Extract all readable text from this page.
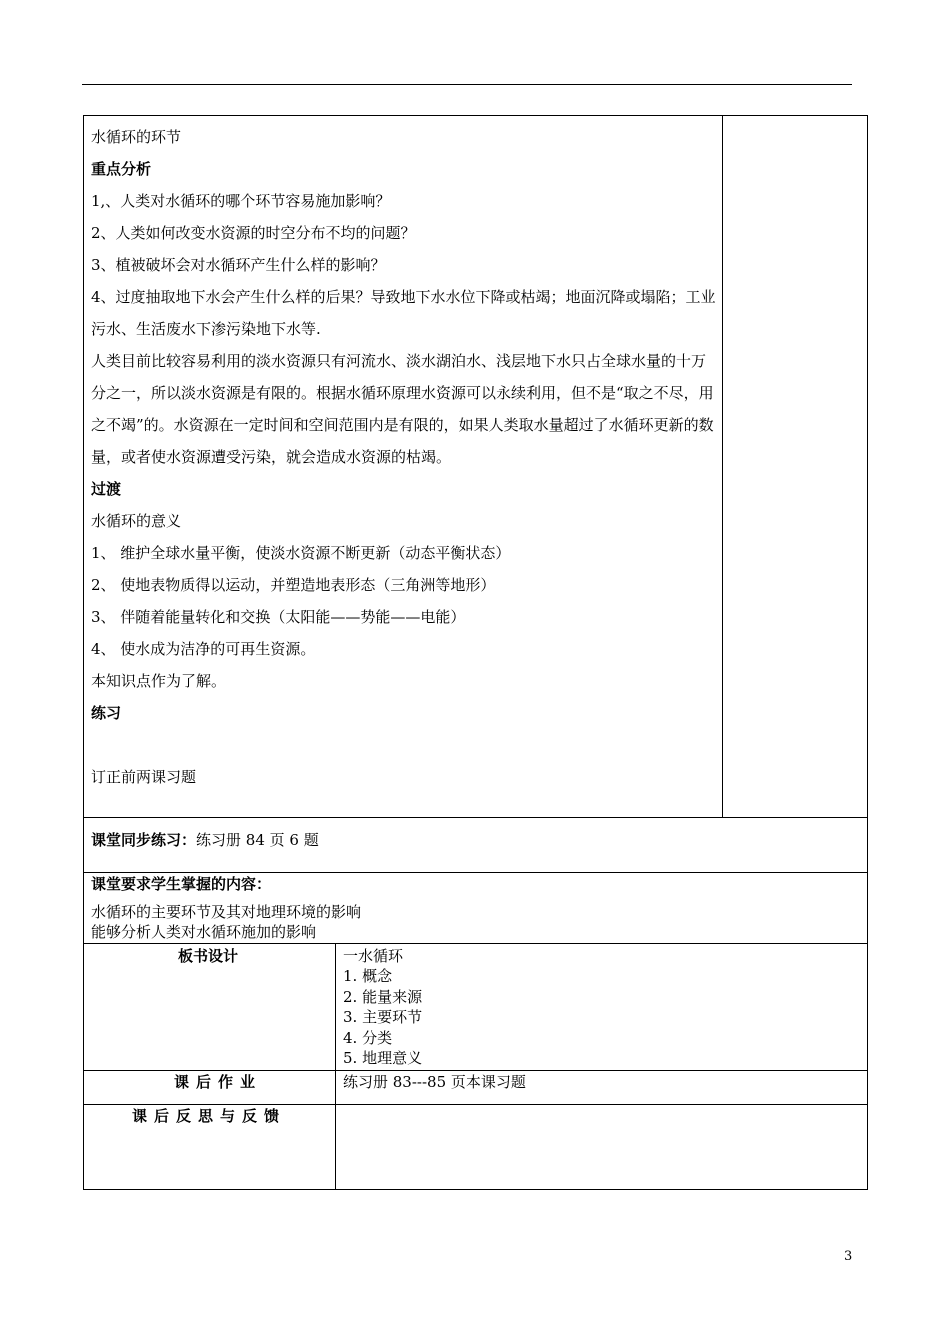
水循环的环节
重点分析
1,、人类对水循环的哪个环节容易施加影响？
2、人类如何改变水资源的时空分布不均的问题？
3、植被破坏会对水循环产生什么样的影响？
4、过度抽取地下水会产生什么样的后果？导致地下水水位下降或枯竭；地面沉降或塌陷；工业污水、生活废水下渗污染地下水等.
人类目前比较容易利用的淡水资源只有河流水、淡水湖泊水、浅层地下水只占全球水量的十万分之一，所以淡水资源是有限的。根据水循环原理水资源可以永续利用，但不是“取之不尽，用之不竭”的。水资源在一定时间和空间范围内是有限的，如果人类取水量超过了水循环更新的数量，或者使水资源遭受污染，就会造成水资源的枯竭。
过渡
水循环的意义
1、 维护全球水量平衡，使淡水资源不断更新（动态平衡状态）
2、 使地表物质得以运动，并塑造地表形态（三角洲等地形）
3、 伴随着能量转化和交换（太阳能——势能——电能）
4、 使水成为洁净的可再生资源。
本知识点作为了解。
练习
订正前两课习题
课堂同步练习：练习册 84 页 6 题
课堂要求学生掌握的内容：
水循环的主要环节及其对地理环境的影响
能够分析人类对水循环施加的影响
板书设计	一水循环
1. 概念
2. 能量来源
3. 主要环节
4. 分类
5. 地理意义
课后作业	练习册 83---85 页本课习题
课后反思与反馈
3
